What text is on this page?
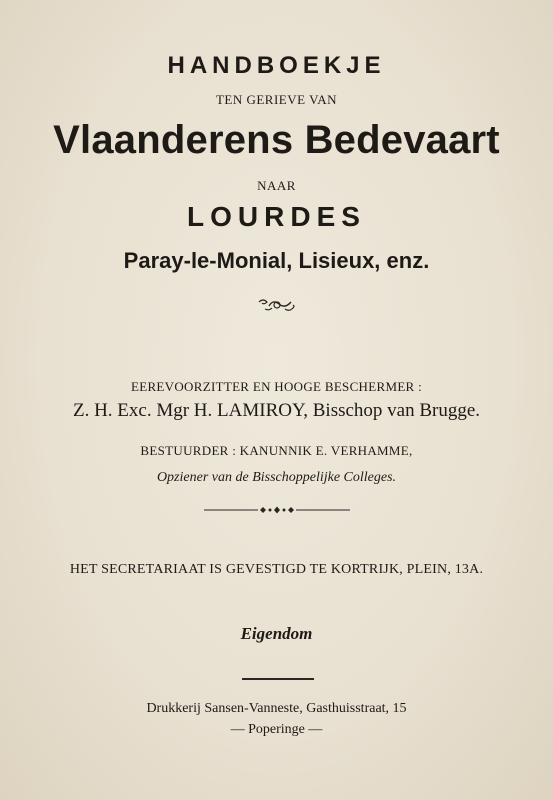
HANDBOEKJE
TEN GERIEVE VAN
Vlaanderens Bedevaart
NAAR
LOURDES
Paray-le-Monial, Lisieux, enz.
EEREVOORZITTER EN HOOGE BESCHERMER :
Z. H. Exc. Mgr H. LAMIROY, Bisschop van Brugge.
BESTUURDER : KANUNNIK E. VERHAMME,
Opziener van de Bisschoppelijke Colleges.
HET SECRETARIAAT IS GEVESTIGD TE KORTRIJK, PLEIN, 13A.
Eigendom
Drukkerij Sansen-Vanneste, Gasthuisstraat, 15
— Poperinge —
